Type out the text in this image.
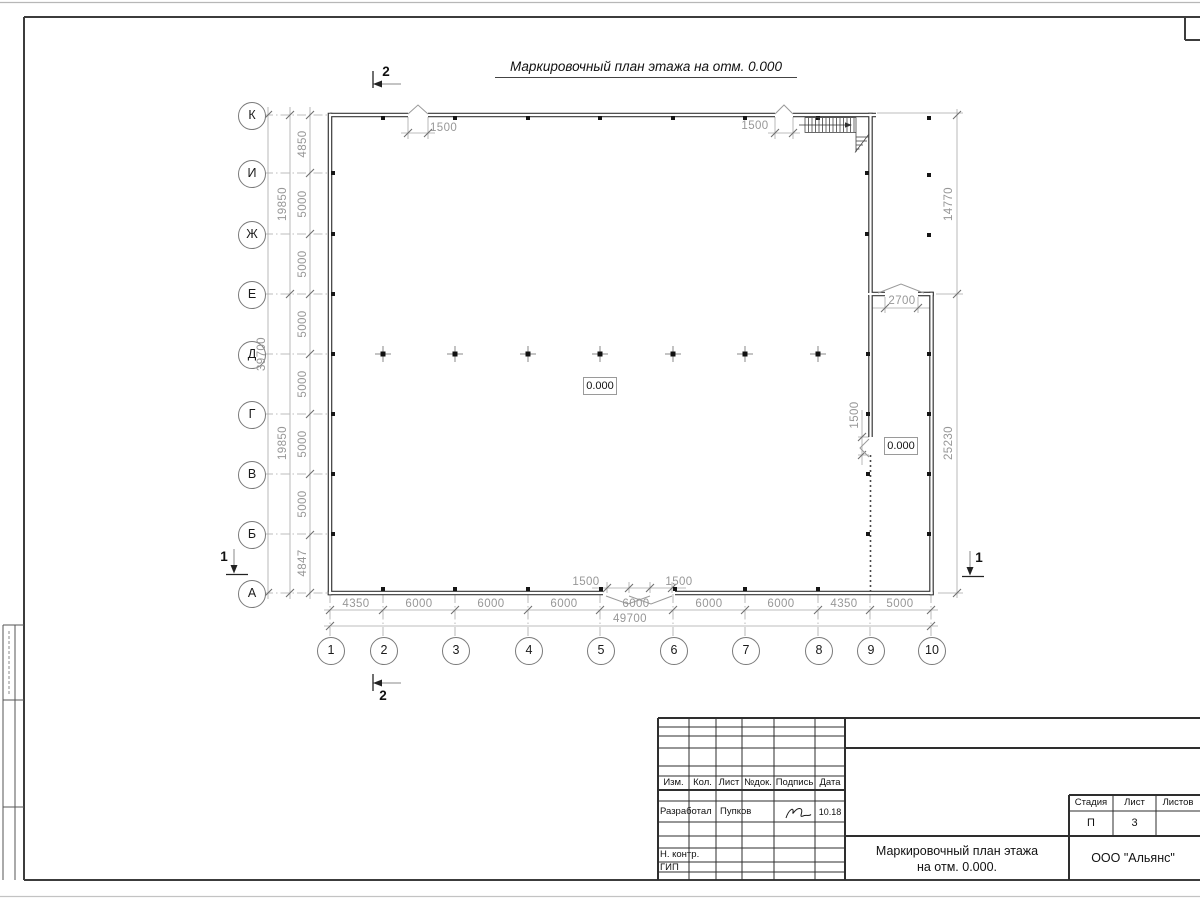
Маркировочный план этажа на отм. 0.000
К
И
Ж
Е
Д
Г
В
Б
А
1	2	3	4	5	6	7	8	9	10
4850
5000
5000
5000
5000
5000
5000
4847
19850
19850
39700
4350	6000	6000	6000	6000	6000	6000	4350	5000
49700
14770
25230
1500	1500
1500	1500
2700
1500
0.000
0.000
2
2
1	1
Изм. Кол. Лист №док. Подпись Дата
Разработал Пупков	10.18
Н. контр.
ГИП
Стадия	Лист	Листов
П	3
Маркировочный план этажа
на отм. 0.000.
ООО "Альянс"
